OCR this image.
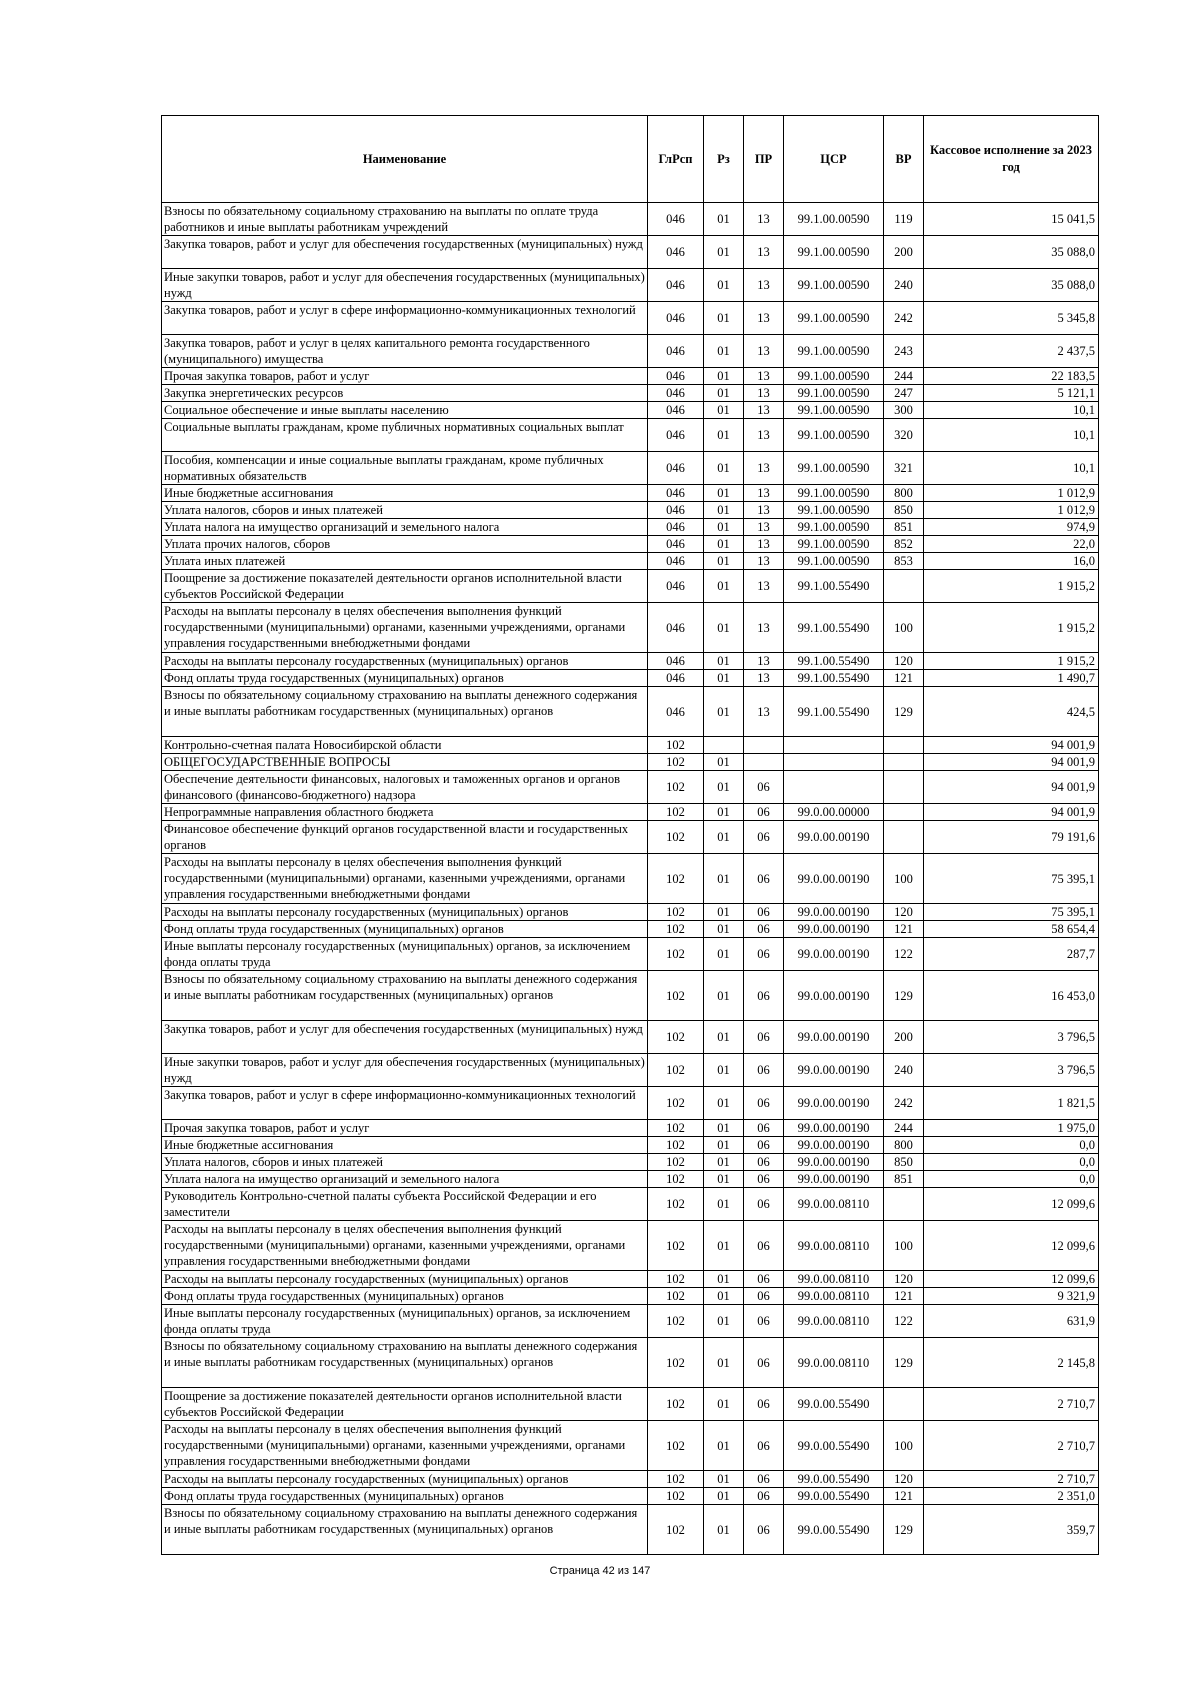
Наименование	ГлРсп	Рз	ПР	ЦСР	ВР	Кассовое исполнение за 2023 год
Взносы по обязательному социальному страхованию на выплаты по оплате труда работников и иные выплаты работникам учреждений	046	01	13	99.1.00.00590	119	15 041,5
Закупка товаров, работ и услуг для обеспечения государственных (муниципальных) нужд	046	01	13	99.1.00.00590	200	35 088,0
Иные закупки товаров, работ и услуг для обеспечения государственных (муниципальных) нужд	046	01	13	99.1.00.00590	240	35 088,0
Закупка товаров, работ и услуг в сфере информационно-коммуникационных технологий	046	01	13	99.1.00.00590	242	5 345,8
Закупка товаров, работ и услуг в целях капитального ремонта государственного (муниципального) имущества	046	01	13	99.1.00.00590	243	2 437,5
Прочая закупка товаров, работ и услуг	046	01	13	99.1.00.00590	244	22 183,5
Закупка энергетических ресурсов	046	01	13	99.1.00.00590	247	5 121,1
Социальное обеспечение и иные выплаты населению	046	01	13	99.1.00.00590	300	10,1
Социальные выплаты гражданам, кроме публичных нормативных социальных выплат	046	01	13	99.1.00.00590	320	10,1
Пособия, компенсации и иные социальные выплаты гражданам, кроме публичных нормативных обязательств	046	01	13	99.1.00.00590	321	10,1
Иные бюджетные ассигнования	046	01	13	99.1.00.00590	800	1 012,9
Уплата налогов, сборов и иных платежей	046	01	13	99.1.00.00590	850	1 012,9
Уплата налога на имущество организаций и земельного налога	046	01	13	99.1.00.00590	851	974,9
Уплата прочих налогов, сборов	046	01	13	99.1.00.00590	852	22,0
Уплата иных платежей	046	01	13	99.1.00.00590	853	16,0
Поощрение за достижение показателей деятельности органов исполнительной власти субъектов Российской Федерации	046	01	13	99.1.00.55490		1 915,2
Расходы на выплаты персоналу в целях обеспечения выполнения функций государственными (муниципальными) органами, казенными учреждениями, органами управления государственными внебюджетными фондами	046	01	13	99.1.00.55490	100	1 915,2
Расходы на выплаты персоналу государственных (муниципальных) органов	046	01	13	99.1.00.55490	120	1 915,2
Фонд оплаты труда государственных (муниципальных) органов	046	01	13	99.1.00.55490	121	1 490,7
Взносы по обязательному социальному страхованию на выплаты денежного содержания и иные выплаты работникам государственных (муниципальных) органов	046	01	13	99.1.00.55490	129	424,5
Контрольно-счетная палата Новосибирской области	102					94 001,9
ОБЩЕГОСУДАРСТВЕННЫЕ ВОПРОСЫ	102	01				94 001,9
Обеспечение деятельности финансовых, налоговых и таможенных органов и органов финансового (финансово-бюджетного) надзора	102	01	06			94 001,9
Непрограммные направления областного бюджета	102	01	06	99.0.00.00000		94 001,9
Финансовое обеспечение функций органов государственной власти и государственных органов	102	01	06	99.0.00.00190		79 191,6
Расходы на выплаты персоналу в целях обеспечения выполнения функций государственными (муниципальными) органами, казенными учреждениями, органами управления государственными внебюджетными фондами	102	01	06	99.0.00.00190	100	75 395,1
Расходы на выплаты персоналу государственных (муниципальных) органов	102	01	06	99.0.00.00190	120	75 395,1
Фонд оплаты труда государственных (муниципальных) органов	102	01	06	99.0.00.00190	121	58 654,4
Иные выплаты персоналу государственных (муниципальных) органов, за исключением фонда оплаты труда	102	01	06	99.0.00.00190	122	287,7
Взносы по обязательному социальному страхованию на выплаты денежного содержания и иные выплаты работникам государственных (муниципальных) органов	102	01	06	99.0.00.00190	129	16 453,0
Закупка товаров, работ и услуг для обеспечения государственных (муниципальных) нужд	102	01	06	99.0.00.00190	200	3 796,5
Иные закупки товаров, работ и услуг для обеспечения государственных (муниципальных) нужд	102	01	06	99.0.00.00190	240	3 796,5
Закупка товаров, работ и услуг в сфере информационно-коммуникационных технологий	102	01	06	99.0.00.00190	242	1 821,5
Прочая закупка товаров, работ и услуг	102	01	06	99.0.00.00190	244	1 975,0
Иные бюджетные ассигнования	102	01	06	99.0.00.00190	800	0,0
Уплата налогов, сборов и иных платежей	102	01	06	99.0.00.00190	850	0,0
Уплата налога на имущество организаций и земельного налога	102	01	06	99.0.00.00190	851	0,0
Руководитель Контрольно-счетной палаты субъекта Российской Федерации и его заместители	102	01	06	99.0.00.08110		12 099,6
Расходы на выплаты персоналу в целях обеспечения выполнения функций государственными (муниципальными) органами, казенными учреждениями, органами управления государственными внебюджетными фондами	102	01	06	99.0.00.08110	100	12 099,6
Расходы на выплаты персоналу государственных (муниципальных) органов	102	01	06	99.0.00.08110	120	12 099,6
Фонд оплаты труда государственных (муниципальных) органов	102	01	06	99.0.00.08110	121	9 321,9
Иные выплаты персоналу государственных (муниципальных) органов, за исключением фонда оплаты труда	102	01	06	99.0.00.08110	122	631,9
Взносы по обязательному социальному страхованию на выплаты денежного содержания и иные выплаты работникам государственных (муниципальных) органов	102	01	06	99.0.00.08110	129	2 145,8
Поощрение за достижение показателей деятельности органов исполнительной власти субъектов Российской Федерации	102	01	06	99.0.00.55490		2 710,7
Расходы на выплаты персоналу в целях обеспечения выполнения функций государственными (муниципальными) органами, казенными учреждениями, органами управления государственными внебюджетными фондами	102	01	06	99.0.00.55490	100	2 710,7
Расходы на выплаты персоналу государственных (муниципальных) органов	102	01	06	99.0.00.55490	120	2 710,7
Фонд оплаты труда государственных (муниципальных) органов	102	01	06	99.0.00.55490	121	2 351,0
Взносы по обязательному социальному страхованию на выплаты денежного содержания и иные выплаты работникам государственных (муниципальных) органов	102	01	06	99.0.00.55490	129	359,7
Страница 42 из 147
